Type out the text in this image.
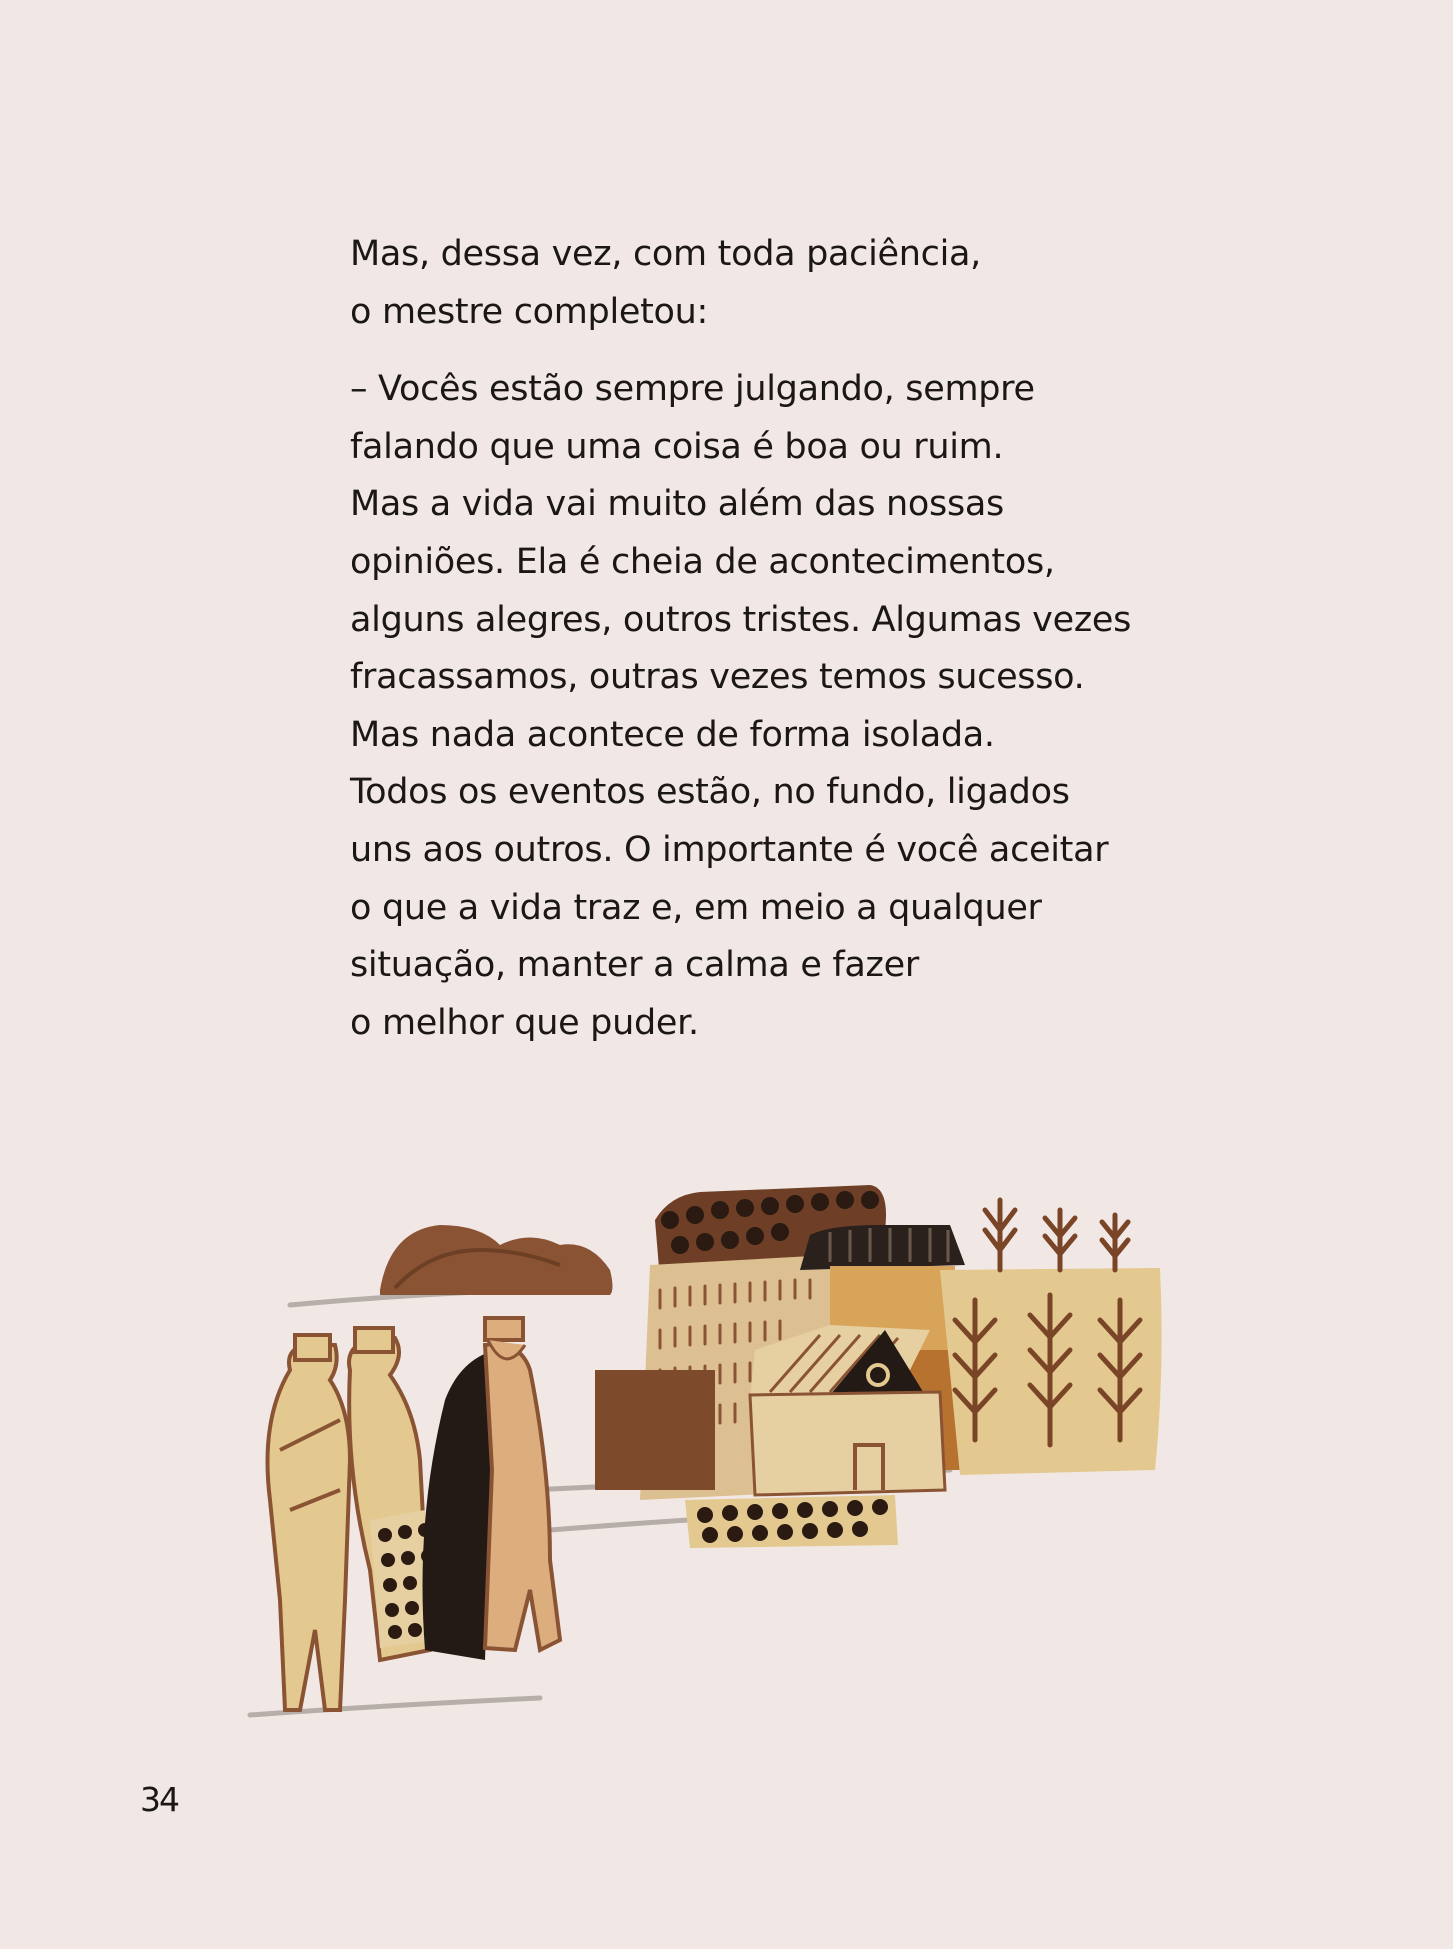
Mas, dessa vez, com toda paciência,
o mestre completou:

– Vocês estão sempre julgando, sempre
falando que uma coisa é boa ou ruim.
Mas a vida vai muito além das nossas
opiniões. Ela é cheia de acontecimentos,
alguns alegres, outros tristes. Algumas vezes
fracassamos, outras vezes temos sucesso.
Mas nada acontece de forma isolada.
Todos os eventos estão, no fundo, ligados
uns aos outros. O importante é você aceitar
o que a vida traz e, em meio a qualquer
situação, manter a calma e fazer
o melhor que puder.

34
